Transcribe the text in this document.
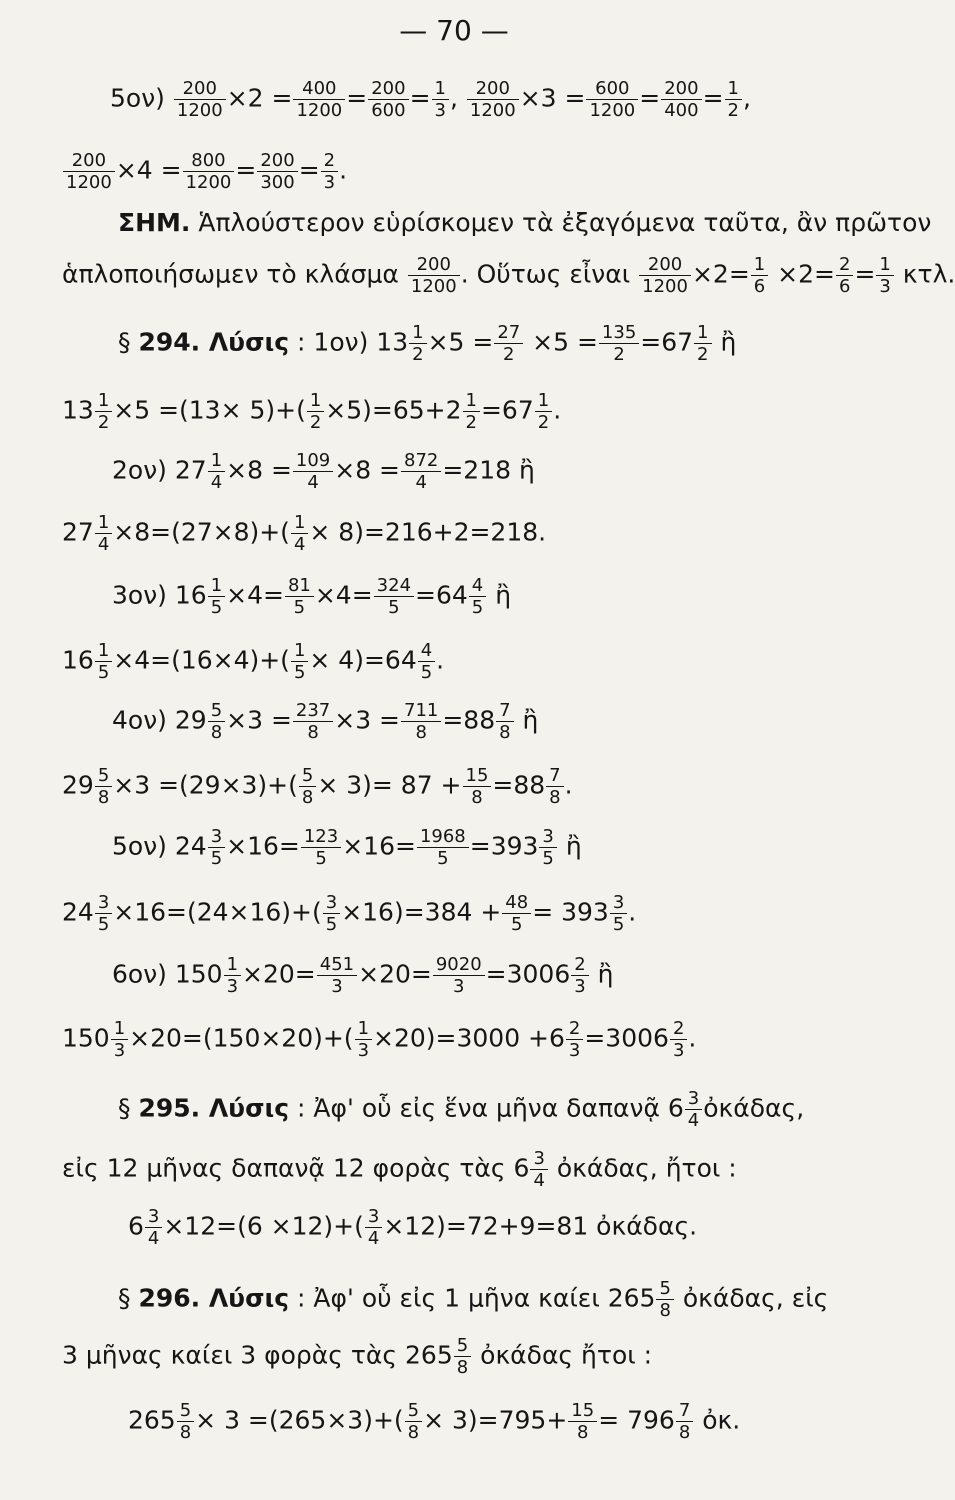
— 70 —
$5o\nu) \frac{200}{1200} \times 2 = \frac{400}{1200} = \frac{200}{600} = \frac{1}{3}$ , $\frac{200}{1200} \times 3 = \frac{600}{1200} = \frac{200}{400} = \frac{1}{2}$ ,
$\frac{200}{1200} \times 4 = \frac{800}{1200} = \frac{200}{300} = \frac{2}{3}$ .
ΣΗΜ. Ἁπλούστερον εὑρίσκομεν τὰ ἐξαγόμενα ταῦτα, ἂν πρῶτον
ἁπλοποιήσωμεν τὸ κλάσμα $\frac{200}{1200}$ . Οὕτως εἶναι $\frac{200}{1200} \times 2= \frac{1}{6} \times 2= \frac{2}{6} = \frac{1}{3} \kappa\tau\lambda$.
§ 294. Λύσις : 1ον) $13 \frac{1}{2} \times 5 = \frac{27}{2} \times 5 = \frac{135}{2} =67 \frac{1}{2}$ ἢ
$13 \frac{1}{2} \times 5 =(13\times 5)+( \frac{1}{2} \times 5)=65+2 \frac{1}{2} =67 \frac{1}{2}$ .
2ον) $27 \frac{1}{4} \times 8 = \frac{109}{4} \times 8 = \frac{872}{4} =218$ ἢ
$27 \frac{1}{4} \times 8=(27\times 8)+( \frac{1}{4} \times 8)=216+2=218$.
3ον) $16 \frac{1}{5} \times 4= \frac{81}{5} \times 4= \frac{324}{5} =64 \frac{4}{5}$ ἢ
$16 \frac{1}{5} \times 4=(16\times 4)+( \frac{1}{5} \times 4)=64 \frac{4}{5}$ .
4ον) $29 \frac{5}{8} \times 3 = \frac{237}{8} \times 3 = \frac{711}{8} =88 \frac{7}{8}$ ἢ
$29 \frac{5}{8} \times 3 =(29\times 3)+( \frac{5}{8} \times 3)= 87 + \frac{15}{8} =88 \frac{7}{8}$ .
5ον) $24 \frac{3}{5} \times 16= \frac{123}{5} \times 16= \frac{1968}{5} =393 \frac{3}{5}$ ἢ
$24 \frac{3}{5} \times 16=(24\times 16)+( \frac{3}{5} \times 16)=384 + \frac{48}{5} = 393 \frac{3}{5}$ .
6ον) $150 \frac{1}{3} \times 20= \frac{451}{3} \times 20= \frac{9020}{3} =3006 \frac{2}{3}$ ἢ
$150 \frac{1}{3} \times 20=(150\times 20)+( \frac{1}{3} \times 20)=3000 +6 \frac{2}{3} =3006 \frac{2}{3}$ .
§ 295. Λύσις : Ἀφ' οὗ εἰς ἕνα μῆνα δαπανᾷ $6 \frac{3}{4}$ ὀκάδας,
εἰς 12 μῆνας δαπανᾷ 12 φορὰς τὰς $6 \frac{3}{4}$ ὀκάδας, ἤτοι :
$6 \frac{3}{4} \times 12=(6 \times 12)+( \frac{3}{4} \times 12)=72+9=81$ ὀκάδας.
§ 296. Λύσις : Ἀφ' οὗ εἰς 1 μῆνα καίει $265 \frac{5}{8}$ ὀκάδας, εἰς
3 μῆνας καίει 3 φορὰς τὰς $265 \frac{5}{8}$ ὀκάδας ἤτοι :
$265 \frac{5}{8} \times 3 =(265\times 3)+( \frac{5}{8} \times 3)=795+ \frac{15}{8} = 796 \frac{7}{8}$ ὀκ.
